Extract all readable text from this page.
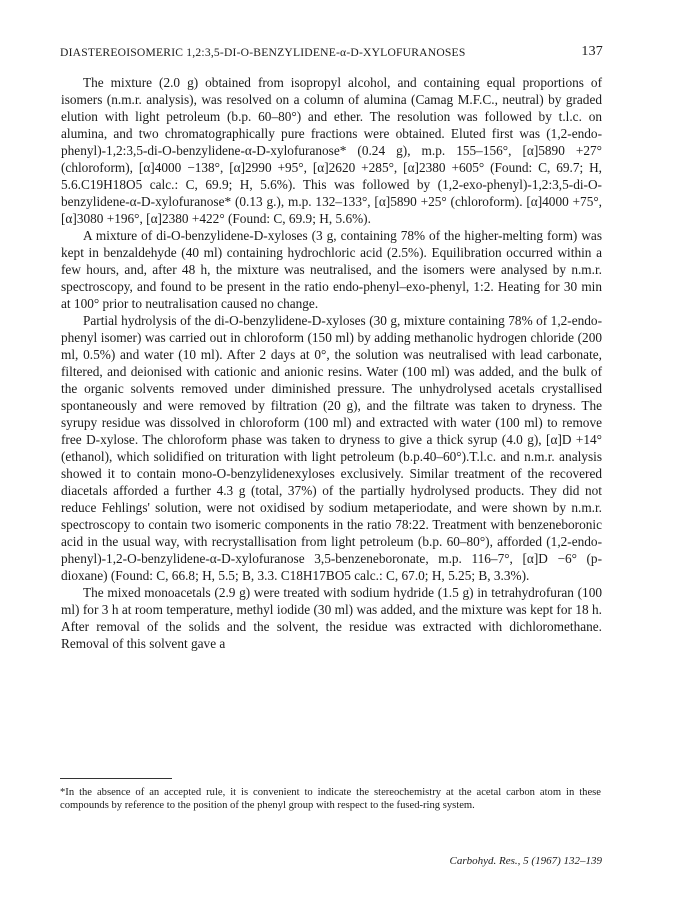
DIASTEREOISOMERIC 1,2:3,5-DI-O-BENZYLIDENE-α-D-XYLOFURANOSES	137

The mixture (2.0 g) obtained from isopropyl alcohol, and containing equal proportions of isomers (n.m.r. analysis), was resolved on a column of alumina (Camag M.F.C., neutral) by graded elution with light petroleum (b.p. 60–80°) and ether. The resolution was followed by t.l.c. on alumina, and two chromatographically pure fractions were obtained. Eluted first was (1,2-endo-phenyl)-1,2:3,5-di-O-benzylidene-α-D-xylofuranose* (0.24 g), m.p. 155–156°, [α]5890 +27° (chloroform), [α]4000 −138°, [α]2990 +95°, [α]2620 +285°, [α]2380 +605° (Found: C, 69.7; H, 5.6.C19H18O5 calc.: C, 69.9; H, 5.6%). This was followed by (1,2-exo-phenyl)-1,2:3,5-di-O-benzylidene-α-D-xylofuranose* (0.13 g.), m.p. 132–133°, [α]5890 +25° (chloroform). [α]4000 +75°, [α]3080 +196°, [α]2380 +422° (Found: C, 69.9; H, 5.6%).

A mixture of di-O-benzylidene-D-xyloses (3 g, containing 78% of the higher-melting form) was kept in benzaldehyde (40 ml) containing hydrochloric acid (2.5%). Equilibration occurred within a few hours, and, after 48 h, the mixture was neutralised, and the isomers were analysed by n.m.r. spectroscopy, and found to be present in the ratio endo-phenyl–exo-phenyl, 1:2. Heating for 30 min at 100° prior to neutralisation caused no change.

Partial hydrolysis of the di-O-benzylidene-D-xyloses (30 g, mixture containing 78% of 1,2-endo-phenyl isomer) was carried out in chloroform (150 ml) by adding methanolic hydrogen chloride (200 ml, 0.5%) and water (10 ml). After 2 days at 0°, the solution was neutralised with lead carbonate, filtered, and deionised with cationic and anionic resins. Water (100 ml) was added, and the bulk of the organic solvents removed under diminished pressure. The unhydrolysed acetals crystallised spontaneously and were removed by filtration (20 g), and the filtrate was taken to dryness. The syrupy residue was dissolved in chloroform (100 ml) and extracted with water (100 ml) to remove free D-xylose. The chloroform phase was taken to dryness to give a thick syrup (4.0 g), [α]D +14° (ethanol), which solidified on trituration with light petroleum (b.p.40–60°).T.l.c. and n.m.r. analysis showed it to contain mono-O-benzylidenexyloses exclusively. Similar treatment of the recovered diacetals afforded a further 4.3 g (total, 37%) of the partially hydrolysed products. They did not reduce Fehlings' solution, were not oxidised by sodium metaperiodate, and were shown by n.m.r. spectroscopy to contain two isomeric components in the ratio 78:22. Treatment with benzeneboronic acid in the usual way, with recrystallisation from light petroleum (b.p. 60–80°), afforded (1,2-endo-phenyl)-1,2-O-benzylidene-α-D-xylofuranose 3,5-benzeneboronate, m.p. 116–7°, [α]D −6° (p-dioxane) (Found: C, 66.8; H, 5.5; B, 3.3. C18H17BO5 calc.: C, 67.0; H, 5.25; B, 3.3%).

The mixed monoacetals (2.9 g) were treated with sodium hydride (1.5 g) in tetrahydrofuran (100 ml) for 3 h at room temperature, methyl iodide (30 ml) was added, and the mixture was kept for 18 h. After removal of the solids and the solvent, the residue was extracted with dichloromethane. Removal of this solvent gave a

*In the absence of an accepted rule, it is convenient to indicate the stereochemistry at the acetal carbon atom in these compounds by reference to the position of the phenyl group with respect to the fused-ring system.
Carbohyd. Res., 5 (1967) 132–139
